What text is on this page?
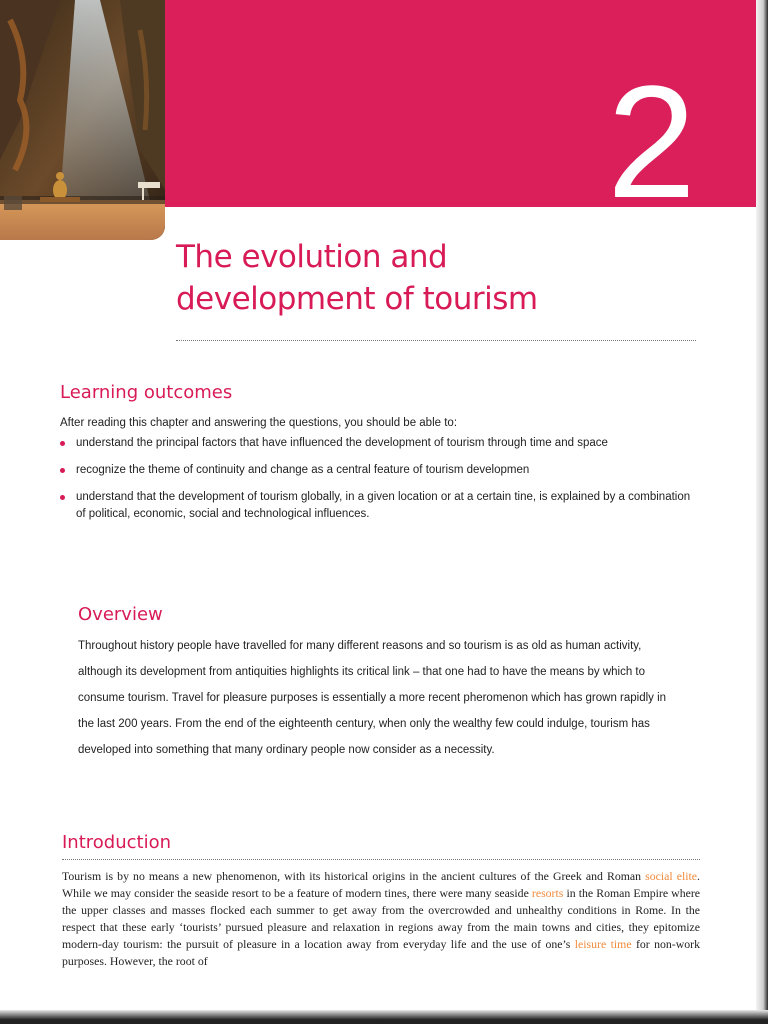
2
The evolution and
development of tourism
Learning outcomes

After reading this chapter and answering the questions, you should be able to:

understand the principal factors that have influenced the development of tourism through time and space
recognize the theme of continuity and change as a central feature of tourism developmen
understand that the development of tourism globally, in a given location or at a certain tine, is explained by a combination of political, economic, social and technological influences.
Overview

Throughout history people have travelled for many different reasons and so tourism is as old as human activity, although its development from antiquities highlights its critical link – that one had to have the means by which to consume tourism. Travel for pleasure purposes is essentially a more recent pheromenon which has grown rapidly in the last 200 years. From the end of the eighteenth century, when only the wealthy few could indulge, tourism has developed into something that many ordinary people now consider as a necessity.

Introduction

Tourism is by no means a new phenomenon, with its historical origins in the ancient cultures of the Greek and Roman social elite. While we may consider the seaside resort to be a feature of modern tines, there were many seaside resorts in the Roman Empire where the upper classes and masses flocked each summer to get away from the overcrowded and unhealthy conditions in Rome. In the respect that these early ‘tourists’ pursued pleasure and relaxation in regions away from the main towns and cities, they epitomize modern-day tourism: the pursuit of pleasure in a location away from everyday life and the use of one’s leisure time for non-work purposes. However, the root of
